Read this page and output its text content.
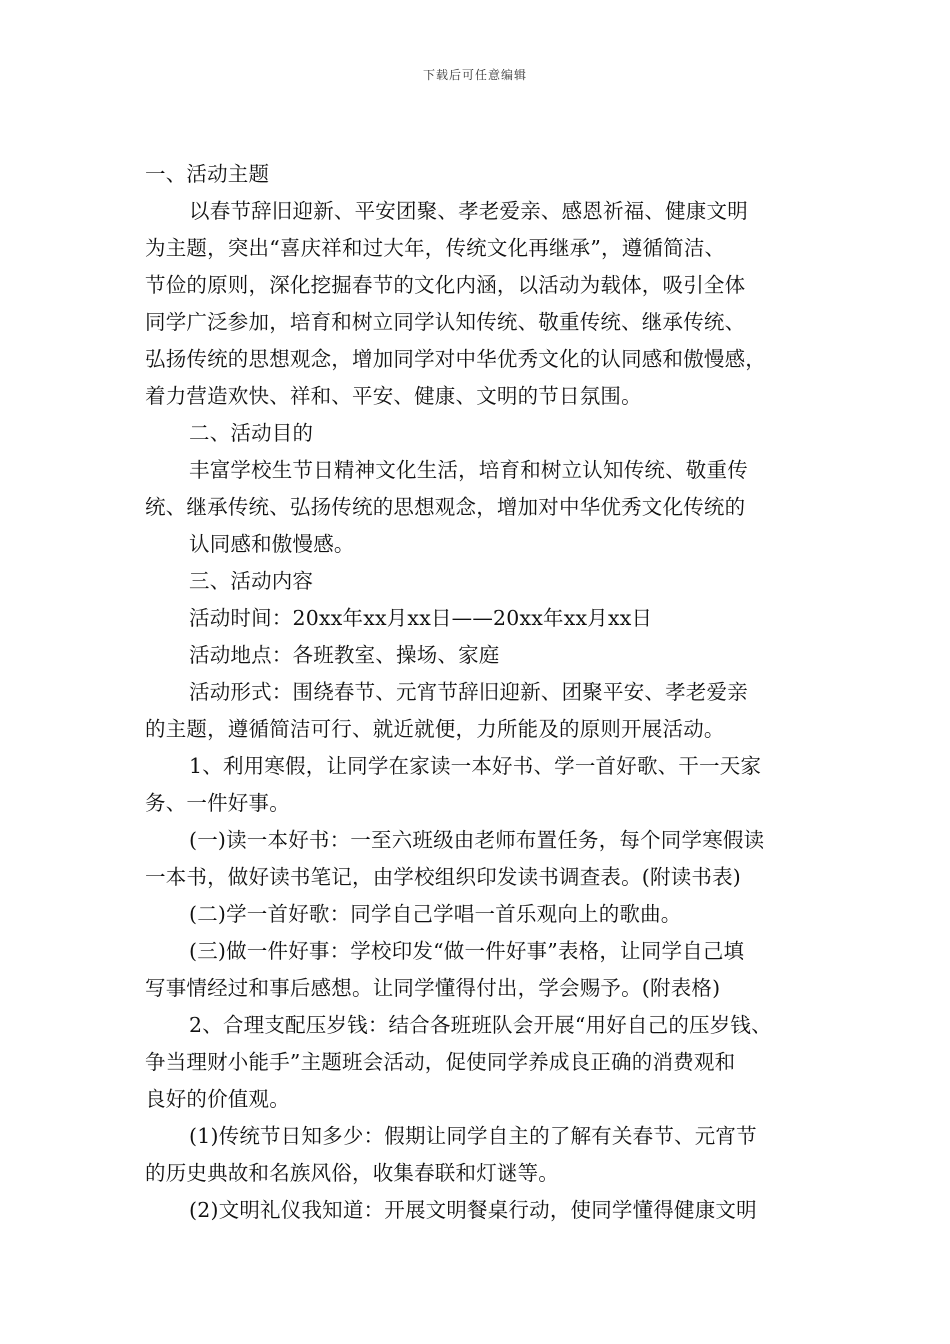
下载后可任意编辑
一、活动主题
以春节辞旧迎新、平安团聚、孝老爱亲、感恩祈福、健康文明
为主题，突出“喜庆祥和过大年，传统文化再继承”，遵循简洁、
节俭的原则，深化挖掘春节的文化内涵，以活动为载体，吸引全体
同学广泛参加，培育和树立同学认知传统、敬重传统、继承传统、
弘扬传统的思想观念，增加同学对中华优秀文化的认同感和傲慢感，
着力营造欢快、祥和、平安、健康、文明的节日氛围。
二、活动目的
丰富学校生节日精神文化生活，培育和树立认知传统、敬重传
统、继承传统、弘扬传统的思想观念，增加对中华优秀文化传统的
认同感和傲慢感。
三、活动内容
活动时间：20xx年xx月xx日——20xx年xx月xx日
活动地点：各班教室、操场、家庭
活动形式：围绕春节、元宵节辞旧迎新、团聚平安、孝老爱亲
的主题，遵循简洁可行、就近就便，力所能及的原则开展活动。
1、利用寒假，让同学在家读一本好书、学一首好歌、干一天家
务、一件好事。
(一)读一本好书：一至六班级由老师布置任务，每个同学寒假读
一本书，做好读书笔记，由学校组织印发读书调查表。(附读书表)
(二)学一首好歌：同学自己学唱一首乐观向上的歌曲。
(三)做一件好事：学校印发“做一件好事”表格，让同学自己填
写事情经过和事后感想。让同学懂得付出，学会赐予。(附表格)
2、合理支配压岁钱：结合各班班队会开展“用好自己的压岁钱、
争当理财小能手”主题班会活动，促使同学养成良正确的消费观和
良好的价值观。
(1)传统节日知多少：假期让同学自主的了解有关春节、元宵节
的历史典故和名族风俗，收集春联和灯谜等。
(2)文明礼仪我知道：开展文明餐桌行动，使同学懂得健康文明
